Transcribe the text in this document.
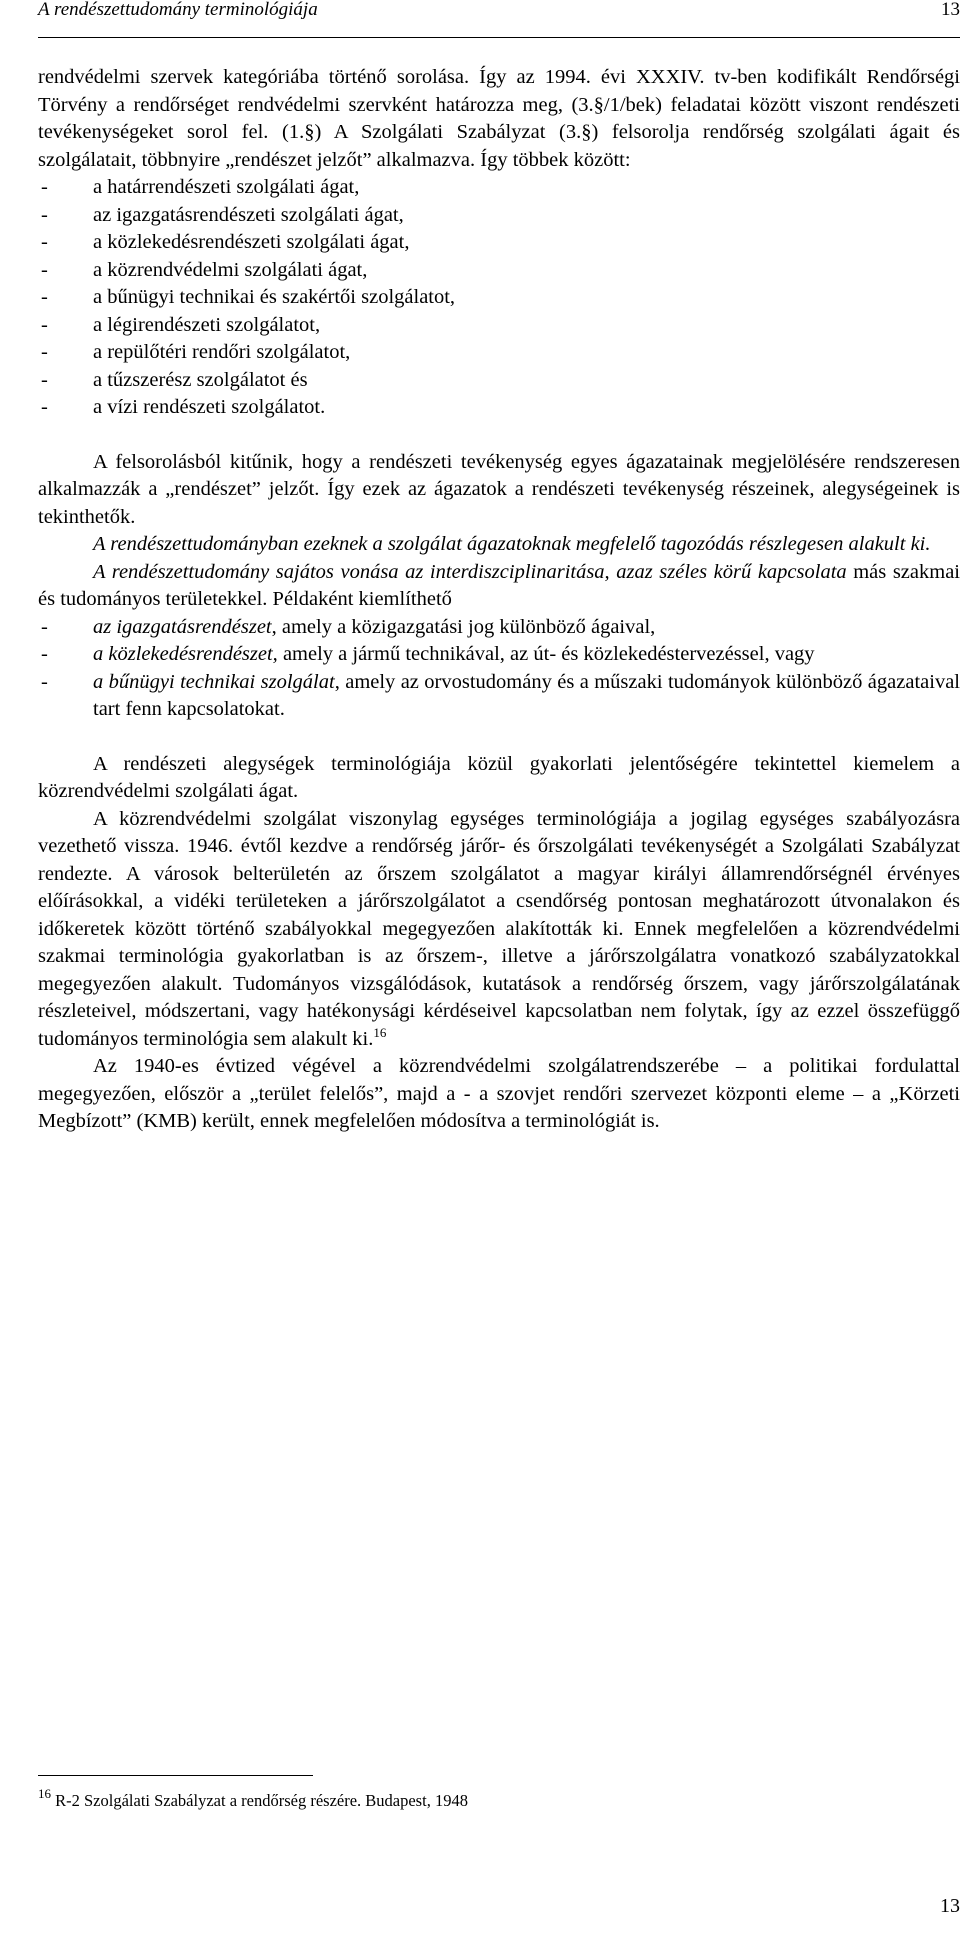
A rendészettudomány terminológiája	13

rendvédelmi szervek kategóriába történő sorolása. Így az 1994. évi XXXIV. tv-ben kodifikált Rendőrségi Törvény a rendőrséget rendvédelmi szervként határozza meg, (3.§/1/bek) feladatai között viszont rendészeti tevékenységeket sorol fel. (1.§) A Szolgálati Szabályzat (3.§) felsorolja rendőrség szolgálati ágait és szolgálatait, többnyire „rendészet jelzőt” alkalmazva. Így többek között:

- a határrendészeti szolgálati ágat,
- az igazgatásrendészeti szolgálati ágat,
- a közlekedésrendészeti szolgálati ágat,
- a közrendvédelmi szolgálati ágat,
- a bűnügyi technikai és szakértői szolgálatot,
- a légirendészeti szolgálatot,
- a repülőtéri rendőri szolgálatot,
- a tűzszerész szolgálatot és
- a vízi rendészeti szolgálatot.

A felsorolásból kitűnik, hogy a rendészeti tevékenység egyes ágazatainak megjelölésére rendszeresen alkalmazzák a „rendészet” jelzőt. Így ezek az ágazatok a rendészeti tevékenység részeinek, alegységeinek is tekinthetők.

A rendészettudományban ezeknek a szolgálat ágazatoknak megfelelő tagozódás részlegesen alakult ki.

A rendészettudomány sajátos vonása az interdiszciplinaritása, azaz széles körű kapcsolata más szakmai és tudományos területekkel. Példaként kiemlíthető

- az igazgatásrendészet, amely a közigazgatási jog különböző ágaival,
- a közlekedésrendészet, amely a jármű technikával, az út- és közlekedéstervezéssel, vagy
- a bűnügyi technikai szolgálat, amely az orvostudomány és a műszaki tudományok különböző ágazataival tart fenn kapcsolatokat.

A rendészeti alegységek terminológiája közül gyakorlati jelentőségére tekintettel kiemelem a közrendvédelmi szolgálati ágat.

A közrendvédelmi szolgálat viszonylag egységes terminológiája a jogilag egységes szabályozásra vezethető vissza. 1946. évtől kezdve a rendőrség járőr- és őrszolgálati tevékenységét a Szolgálati Szabályzat rendezte. A városok belterületén az őrszem szolgálatot a magyar királyi államrendőrségnél érvényes előírásokkal, a vidéki területeken a járőrszolgálatot a csendőrség pontosan meghatározott útvonalakon és időkeretek között történő szabályokkal megegyezően alakították ki. Ennek megfelelően a közrendvédelmi szakmai terminológia gyakorlatban is az őrszem-, illetve a járőrszolgálatra vonatkozó szabályzatokkal megegyezően alakult. Tudományos vizsgálódások, kutatások a rendőrség őrszem, vagy járőrszolgálatának részleteivel, módszertani, vagy hatékonysági kérdéseivel kapcsolatban nem folytak, így az ezzel összefüggő tudományos terminológia sem alakult ki.$^{16}$

Az 1940-es évtized végével a közrendvédelmi szolgálatrendszerébe – a politikai fordulattal megegyezően, először a „terület felelős”, majd a - a szovjet rendőri szervezet központi eleme – a „Körzeti Megbízott” (KMB) került, ennek megfelelően módosítva a terminológiát is.

$^{16}$ R-2 Szolgálati Szabályzat a rendőrség részére. Budapest, 1948
13
